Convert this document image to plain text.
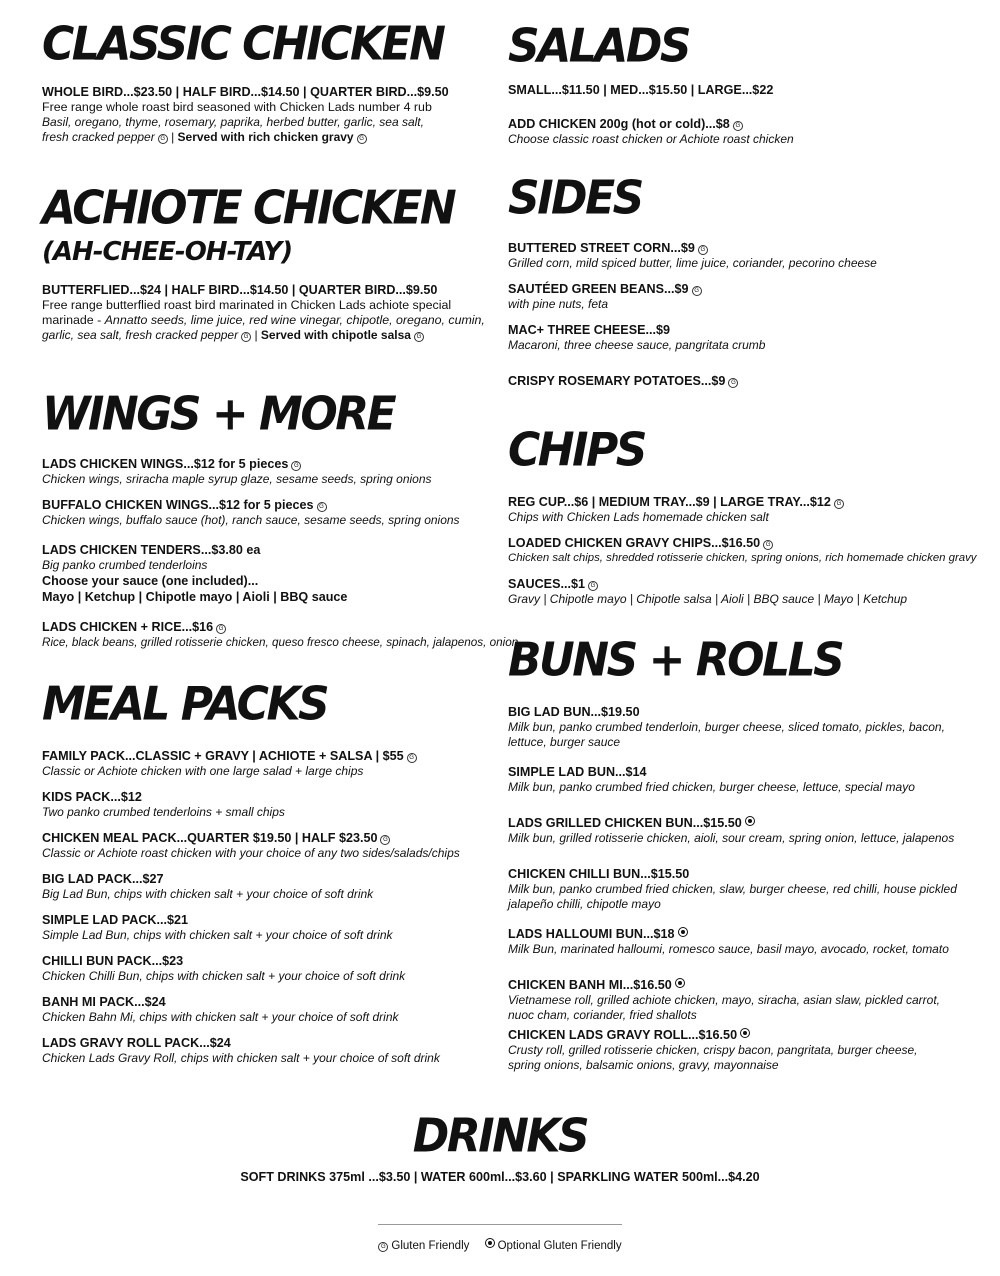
CLASSIC CHICKEN
WHOLE BIRD...$23.50 | HALF BIRD...$14.50 | QUARTER BIRD...$9.50
Free range whole roast bird seasoned with Chicken Lads number 4 rub
Basil, oregano, thyme, rosemary, paprika, herbed butter, garlic, sea salt,
fresh cracked pepper G | Served with rich chicken gravy G
ACHIOTE CHICKEN
(AH-CHEE-OH-TAY)
BUTTERFLIED...$24 | HALF BIRD...$14.50 | QUARTER BIRD...$9.50
Free range butterflied roast bird marinated in Chicken Lads achiote special
marinade - Annatto seeds, lime juice, red wine vinegar, chipotle, oregano, cumin,
garlic, sea salt, fresh cracked pepper G | Served with chipotle salsa G
WINGS + MORE
LADS CHICKEN WINGS...$12 for 5 pieces G
Chicken wings, sriracha maple syrup glaze, sesame seeds, spring onions
BUFFALO CHICKEN WINGS...$12 for 5 pieces G
Chicken wings, buffalo sauce (hot), ranch sauce, sesame seeds, spring onions
LADS CHICKEN TENDERS...$3.80 ea
Big panko crumbed tenderloins
Choose your sauce (one included)...
Mayo | Ketchup | Chipotle mayo | Aioli | BBQ sauce
LADS CHICKEN + RICE...$16 G
Rice, black beans, grilled rotisserie chicken, queso fresco cheese, spinach, jalapenos, onion
MEAL PACKS
FAMILY PACK...CLASSIC + GRAVY | ACHIOTE + SALSA | $55 G
Classic or Achiote chicken with one large salad + large chips
KIDS PACK...$12
Two panko crumbed tenderloins + small chips
CHICKEN MEAL PACK...QUARTER $19.50 | HALF $23.50 G
Classic or Achiote roast chicken with your choice of any two sides/salads/chips
BIG LAD PACK...$27
Big Lad Bun, chips with chicken salt + your choice of soft drink
SIMPLE LAD PACK...$21
Simple Lad Bun, chips with chicken salt + your choice of soft drink
CHILLI BUN PACK...$23
Chicken Chilli Bun, chips with chicken salt + your choice of soft drink
BANH MI PACK...$24
Chicken Bahn Mi, chips with chicken salt + your choice of soft drink
LADS GRAVY ROLL PACK...$24
Chicken Lads Gravy Roll, chips with chicken salt + your choice of soft drink
SALADS
SMALL...$11.50 | MED...$15.50 | LARGE...$22
ADD CHICKEN 200g (hot or cold)...$8 G
Choose classic roast chicken or Achiote roast chicken
SIDES
BUTTERED STREET CORN...$9 G
Grilled corn, mild spiced butter, lime juice, coriander, pecorino cheese
SAUTÉED GREEN BEANS...$9 G
with pine nuts, feta
MAC+ THREE CHEESE...$9
Macaroni, three cheese sauce, pangritata crumb
CRISPY ROSEMARY POTATOES...$9 G
CHIPS
REG CUP...$6 | MEDIUM TRAY...$9 | LARGE TRAY...$12 G
Chips with Chicken Lads homemade chicken salt
LOADED CHICKEN GRAVY CHIPS...$16.50 G
Chicken salt chips, shredded rotisserie chicken, spring onions, rich homemade chicken gravy
SAUCES...$1 G
Gravy | Chipotle mayo | Chipotle salsa | Aioli | BBQ sauce | Mayo | Ketchup
BUNS + ROLLS
BIG LAD BUN...$19.50
Milk bun, panko crumbed tenderloin, burger cheese, sliced tomato, pickles, bacon,
lettuce, burger sauce
SIMPLE LAD BUN...$14
Milk bun, panko crumbed fried chicken, burger cheese, lettuce, special mayo
LADS GRILLED CHICKEN BUN...$15.50
Milk bun, grilled rotisserie chicken, aioli, sour cream, spring onion, lettuce, jalapenos
CHICKEN CHILLI BUN...$15.50
Milk bun, panko crumbed fried chicken, slaw, burger cheese, red chilli, house pickled
jalapeño chilli, chipotle mayo
LADS HALLOUMI BUN...$18
Milk Bun, marinated halloumi, romesco sauce, basil mayo, avocado, rocket, tomato
CHICKEN BANH MI...$16.50
Vietnamese roll, grilled achiote chicken, mayo, siracha, asian slaw, pickled carrot,
nuoc cham, coriander, fried shallots
CHICKEN LADS GRAVY ROLL...$16.50
Crusty roll, grilled rotisserie chicken, crispy bacon, pangritata, burger cheese,
spring onions, balsamic onions, gravy, mayonnaise
DRINKS
SOFT DRINKS 375ml ...$3.50 | WATER 600ml...$3.60 | SPARKLING WATER 500ml...$4.20
G Gluten Friendly Optional Gluten Friendly
